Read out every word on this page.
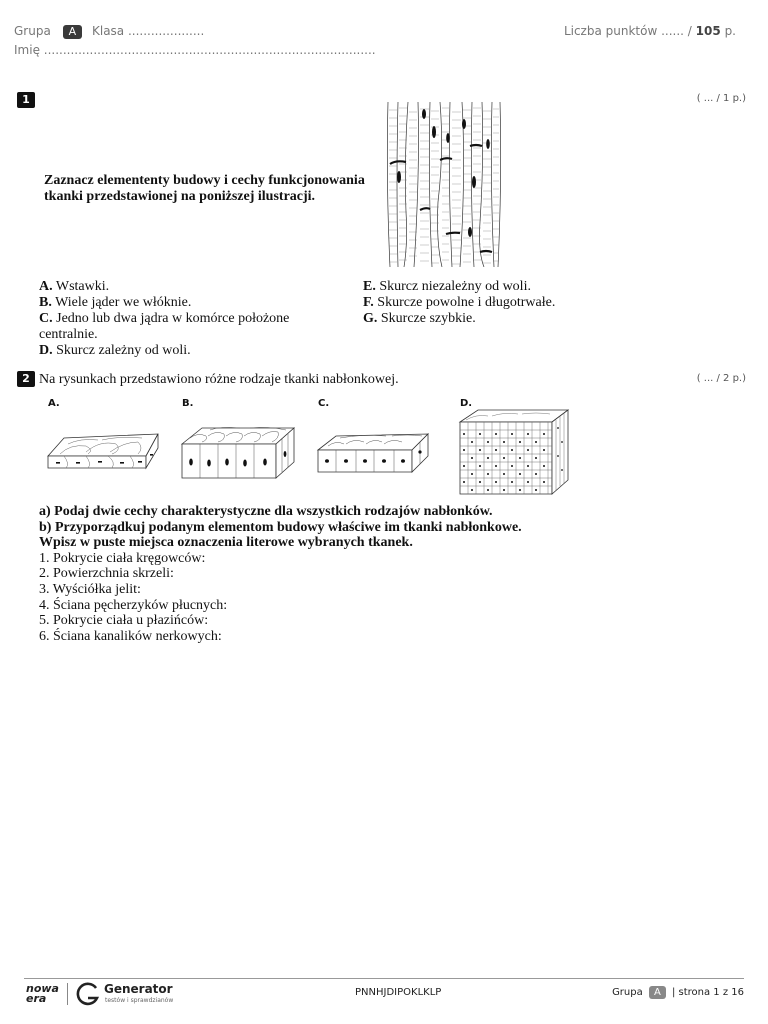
Grupa A Klasa ....................	Liczba punktów ...... / 105 p.
Imię .......................................................................................
1	( ... / 1 p.)
Zaznacz elemententy budowy i cechy funkcjonowania
tkanki przedstawionej na poniższej ilustracji.
A. Wstawki.
B. Wiele jąder we włóknie.
C. Jedno lub dwa jądra w komórce położone
centralnie.
D. Skurcz zależny od woli.
E. Skurcz niezależny od woli.
F. Skurcze powolne i długotrwałe.
G. Skurcze szybkie.
2 Na rysunkach przedstawiono różne rodzaje tkanki nabłonkowej.	( ... / 2 p.)
A.	B.	C.	D.
a) Podaj dwie cechy charakterystyczne dla wszystkich rodzajów nabłonków.
b) Przyporządkuj podanym elementom budowy właściwe im tkanki nabłonkowe.
Wpisz w puste miejsca oznaczenia literowe wybranych tkanek.
1. Pokrycie ciała kręgowców:
2. Powierzchnia skrzeli:
3. Wyściółka jelit:
4. Ściana pęcherzyków płucnych:
5. Pokrycie ciała u płazińców:
6. Ściana kanalików nerkowych:
nowa
era
Generator
testów i sprawdzianów
PNNHJDIPOKLKLP	Grupa A | strona 1 z 16
